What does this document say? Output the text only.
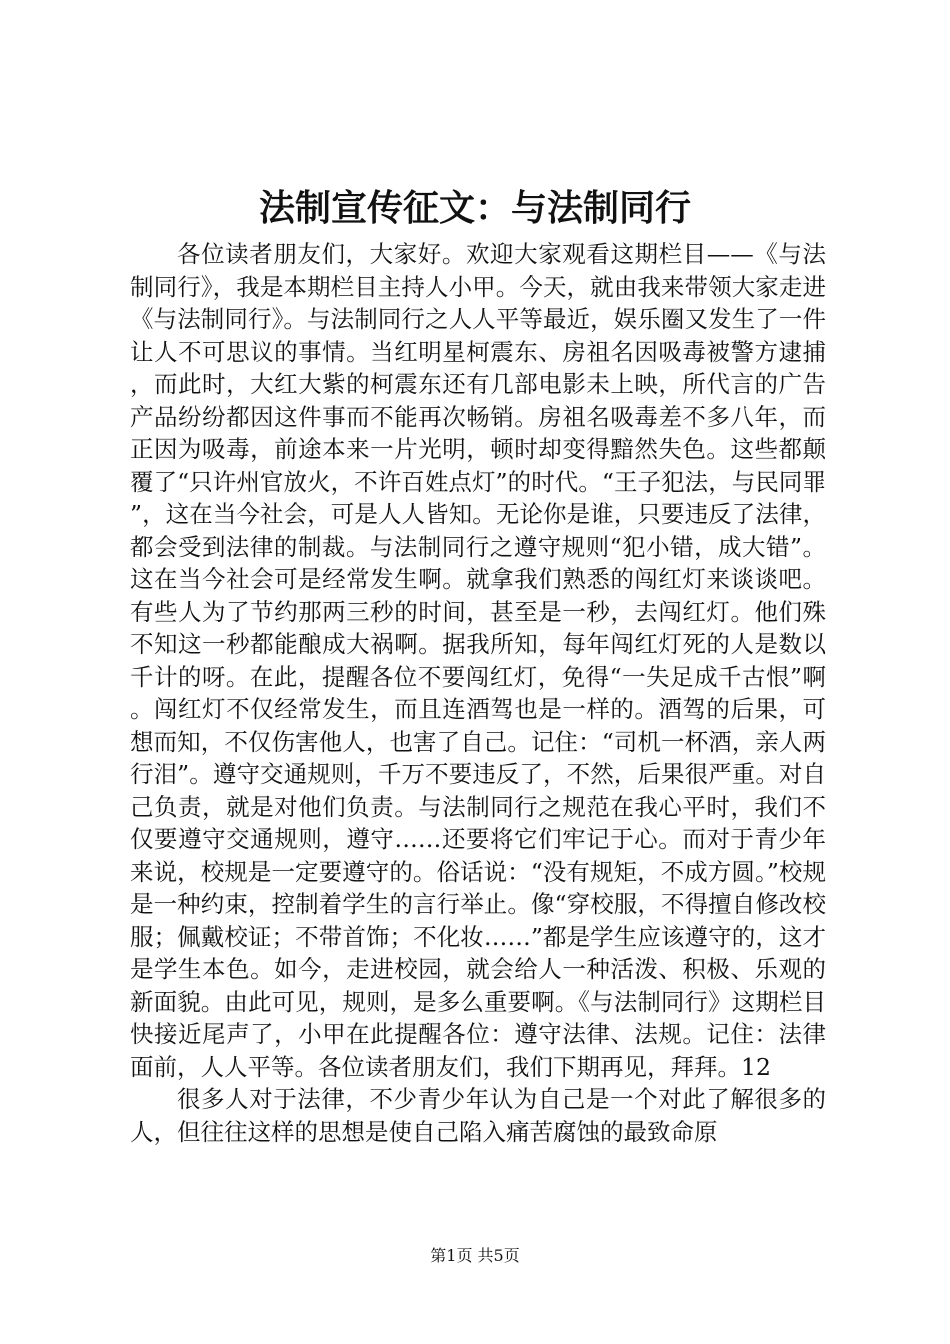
法制宣传征文：与法制同行

各位读者朋友们，大家好。欢迎大家观看这期栏目——《与法制同行》，我是本期栏目主持人小甲。今天，就由我来带领大家走进《与法制同行》。与法制同行之人人平等最近，娱乐圈又发生了一件让人不可思议的事情。当红明星柯震东、房祖名因吸毒被警方逮捕，而此时，大红大紫的柯震东还有几部电影未上映，所代言的广告产品纷纷都因这件事而不能再次畅销。房祖名吸毒差不多八年，而正因为吸毒，前途本来一片光明，顿时却变得黯然失色。这些都颠覆了“只许州官放火，不许百姓点灯”的时代。“王子犯法，与民同罪”，这在当今社会，可是人人皆知。无论你是谁，只要违反了法律，都会受到法律的制裁。与法制同行之遵守规则“犯小错，成大错”。这在当今社会可是经常发生啊。就拿我们熟悉的闯红灯来谈谈吧。有些人为了节约那两三秒的时间，甚至是一秒，去闯红灯。他们殊不知这一秒都能酿成大祸啊。据我所知，每年闯红灯死的人是数以千计的呀。在此，提醒各位不要闯红灯，免得“一失足成千古恨”啊。闯红灯不仅经常发生，而且连酒驾也是一样的。酒驾的后果，可想而知，不仅伤害他人，也害了自己。记住：“司机一杯酒，亲人两行泪”。遵守交通规则，千万不要违反了，不然，后果很严重。对自己负责，就是对他们负责。与法制同行之规范在我心平时，我们不仅要遵守交通规则，遵守……还要将它们牢记于心。而对于青少年来说，校规是一定要遵守的。俗话说：“没有规矩，不成方圆。”校规是一种约束，控制着学生的言行举止。像“穿校服，不得擅自修改校服；佩戴校证；不带首饰；不化妆……”都是学生应该遵守的，这才是学生本色。如今，走进校园，就会给人一种活泼、积极、乐观的新面貌。由此可见，规则，是多么重要啊。《与法制同行》这期栏目快接近尾声了，小甲在此提醒各位：遵守法律、法规。记住：法律面前，人人平等。各位读者朋友们，我们下期再见，拜拜。12

很多人对于法律，不少青少年认为自己是一个对此了解很多的人，但往往这样的思想是使自己陷入痛苦腐蚀的最致命原

第1页 共5页
